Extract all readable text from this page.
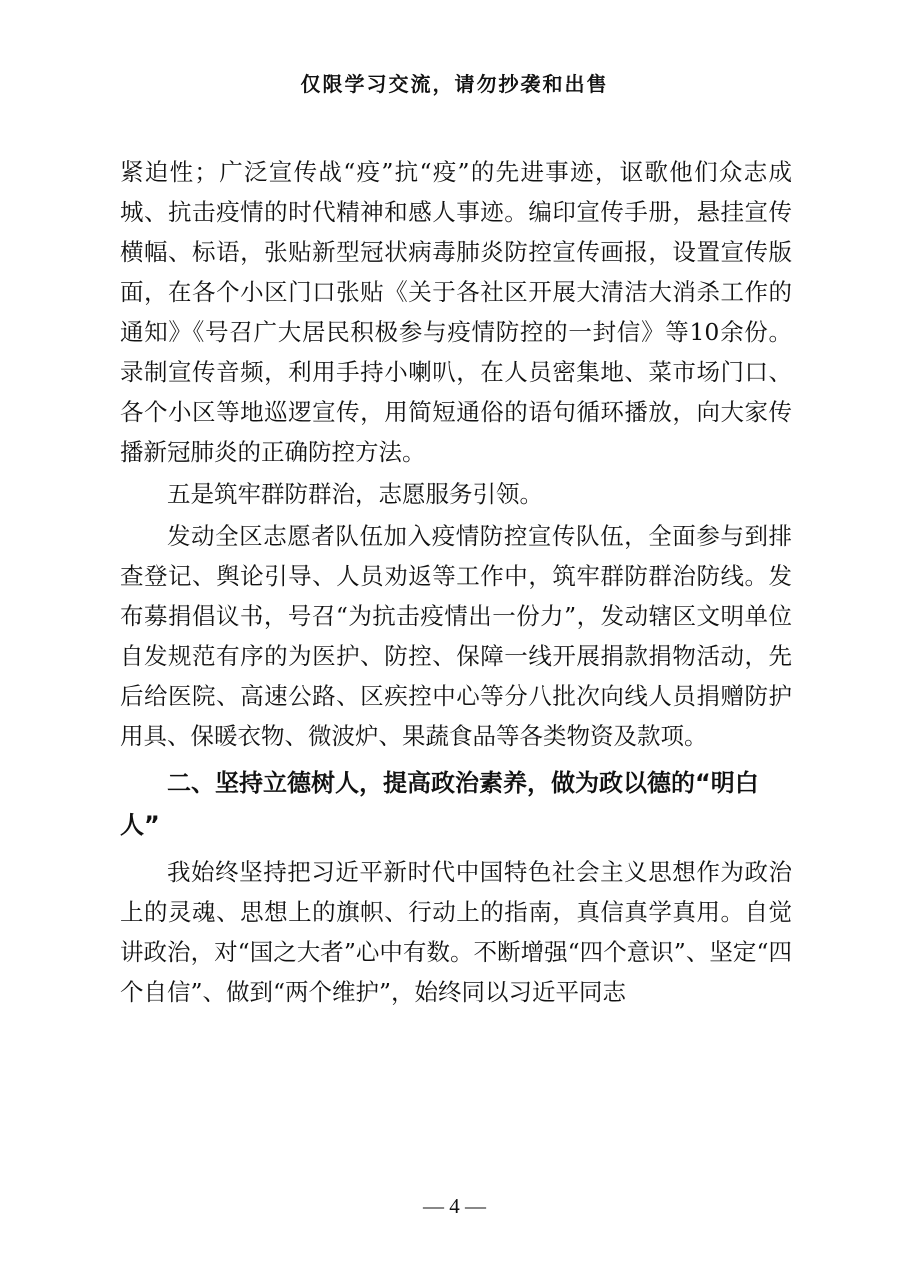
仅限学习交流，请勿抄袭和出售

紧迫性；广泛宣传战“疫”抗“疫”的先进事迹，讴歌他们众志成城、抗击疫情的时代精神和感人事迹。编印宣传手册，悬挂宣传横幅、标语，张贴新型冠状病毒肺炎防控宣传画报，设置宣传版面，在各个小区门口张贴《关于各社区开展大清洁大消杀工作的通知》《号召广大居民积极参与疫情防控的一封信》等10余份。录制宣传音频，利用手持小喇叭，在人员密集地、菜市场门口、各个小区等地巡逻宣传，用简短通俗的语句循环播放，向大家传播新冠肺炎的正确防控方法。

五是筑牢群防群治，志愿服务引领。

发动全区志愿者队伍加入疫情防控宣传队伍，全面参与到排查登记、舆论引导、人员劝返等工作中，筑牢群防群治防线。发布募捐倡议书，号召“为抗击疫情出一份力”，发动辖区文明单位自发规范有序的为医护、防控、保障一线开展捐款捐物活动，先后给医院、高速公路、区疾控中心等分八批次向线人员捐赠防护用具、保暖衣物、微波炉、果蔬食品等各类物资及款项。

二、坚持立德树人，提高政治素养，做为政以德的“明白人”

我始终坚持把习近平新时代中国特色社会主义思想作为政治上的灵魂、思想上的旗帜、行动上的指南，真信真学真用。自觉讲政治，对“国之大者”心中有数。不断增强“四个意识”、坚定“四个自信”、做到“两个维护”，始终同以习近平同志

— 4 —
